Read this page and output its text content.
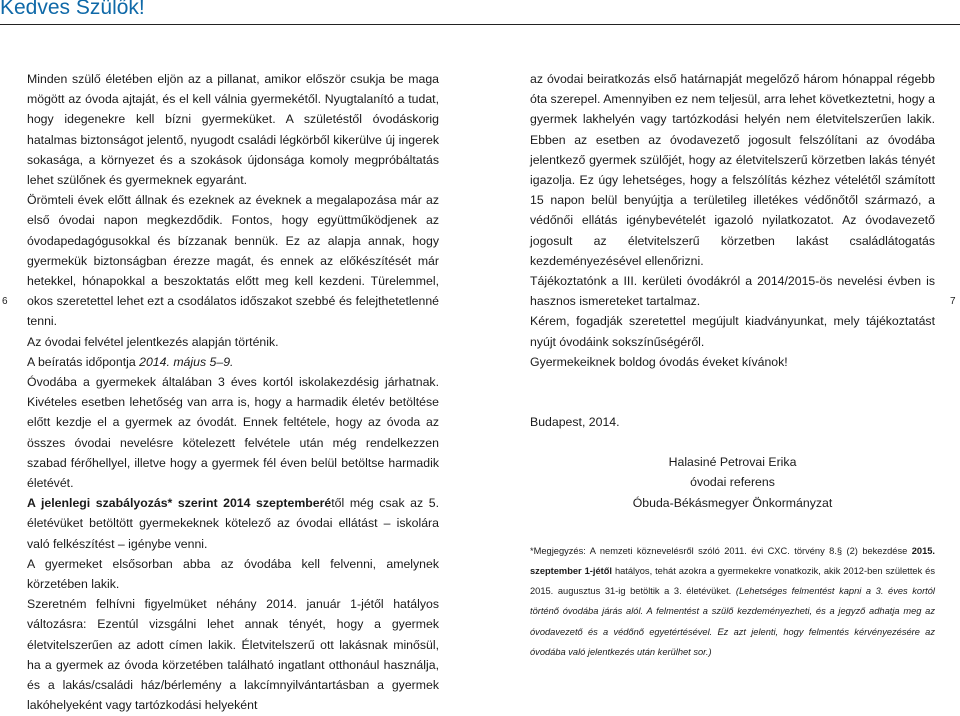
Kedves Szülők!
6	7

Minden szülő életében eljön az a pillanat, amikor először csukja be maga mögött az óvoda ajtaját, és el kell válnia gyermekétől. Nyugtalanító a tudat, hogy idegenekre kell bízni gyermeküket. A születéstől óvodáskorig hatalmas biztonságot jelentő, nyugodt családi légkörből kikerülve új ingerek sokasága, a környezet és a szokások újdonsága komoly megpróbáltatás lehet szülőnek és gyermeknek egyaránt.

Örömteli évek előtt állnak és ezeknek az éveknek a megalapozása már az első óvodai napon megkezdődik. Fontos, hogy együttműködjenek az óvodapedagógusokkal és bízzanak bennük. Ez az alapja annak, hogy gyermekük biztonságban érezze magát, és ennek az előkészítését már hetekkel, hónapokkal a beszoktatás előtt meg kell kezdeni. Türelemmel, okos szeretettel lehet ezt a csodálatos időszakot szebbé és felejthetetlenné tenni.

Az óvodai felvétel jelentkezés alapján történik.

A beíratás időpontja 2014. május 5–9.

Óvodába a gyermekek általában 3 éves kortól iskolakezdésig járhatnak. Kivételes esetben lehetőség van arra is, hogy a harmadik életév betöltése előtt kezdje el a gyermek az óvodát. Ennek feltétele, hogy az óvoda az összes óvodai nevelésre kötelezett felvétele után még rendelkezzen szabad férőhellyel, illetve hogy a gyermek fél éven belül betöltse harmadik életévét.

A jelenlegi szabályozás* szerint 2014 szeptemberétől még csak az 5. életévüket betöltött gyermekeknek kötelező az óvodai ellátást – iskolára való felkészítést – igénybe venni.

A gyermeket elsősorban abba az óvodába kell felvenni, amelynek körzetében lakik.

Szeretném felhívni figyelmüket néhány 2014. január 1-jétől hatályos változásra: Ezentúl vizsgálni lehet annak tényét, hogy a gyermek életvitelszerűen az adott címen lakik. Életvitelszerű ott lakásnak minősül, ha a gyermek az óvoda körzetében található ingatlant otthonául használja, és a lakás/családi ház/bérlemény a lakcímnyilvántartásban a gyermek lakóhelyeként vagy tartózkodási helyeként

az óvodai beiratkozás első határnapját megelőző három hónappal régebb óta szerepel. Amennyiben ez nem teljesül, arra lehet következtetni, hogy a gyermek lakhelyén vagy tartózkodási helyén nem életvitelszerűen lakik. Ebben az esetben az óvodavezető jogosult felszólítani az óvodába jelentkező gyermek szülőjét, hogy az életvitelszerű körzetben lakás tényét igazolja. Ez úgy lehetséges, hogy a felszólítás kézhez vételétől számított 15 napon belül benyújtja a területileg illetékes védőnőtől származó, a védőnői ellátás igénybevételét igazoló nyilatkozatot. Az óvodavezető jogosult az életvitelszerű körzetben lakást családlátogatás kezdeményezésével ellenőrizni.

Tájékoztatónk a III. kerületi óvodákról a 2014/2015-ös nevelési évben is hasznos ismereteket tartalmaz.

Kérem, fogadják szeretettel megújult kiadványunkat, mely tájékoztatást nyújt óvodáink sokszínűségéről.

Gyermekeiknek boldog óvodás éveket kívánok!

Budapest, 2014.

Halasiné Petrovai Erika

óvodai referens

Óbuda-Békásmegyer Önkormányzat

*Megjegyzés: A nemzeti köznevelésről szóló 2011. évi CXC. törvény 8.§ (2) bekezdése 2015. szeptember 1-jétől hatályos, tehát azokra a gyermekekre vonatkozik, akik 2012-ben születtek és 2015. augusztus 31-ig betöltik a 3. életévüket. (Lehetséges felmentést kapni a 3. éves kortól történő óvodába járás alól. A felmentést a szülő kezdeményezheti, és a jegyző adhatja meg az óvodavezető és a védőnő egyetértésével. Ez azt jelenti, hogy felmentés kérvényezésére az óvodába való jelentkezés után kerülhet sor.)
